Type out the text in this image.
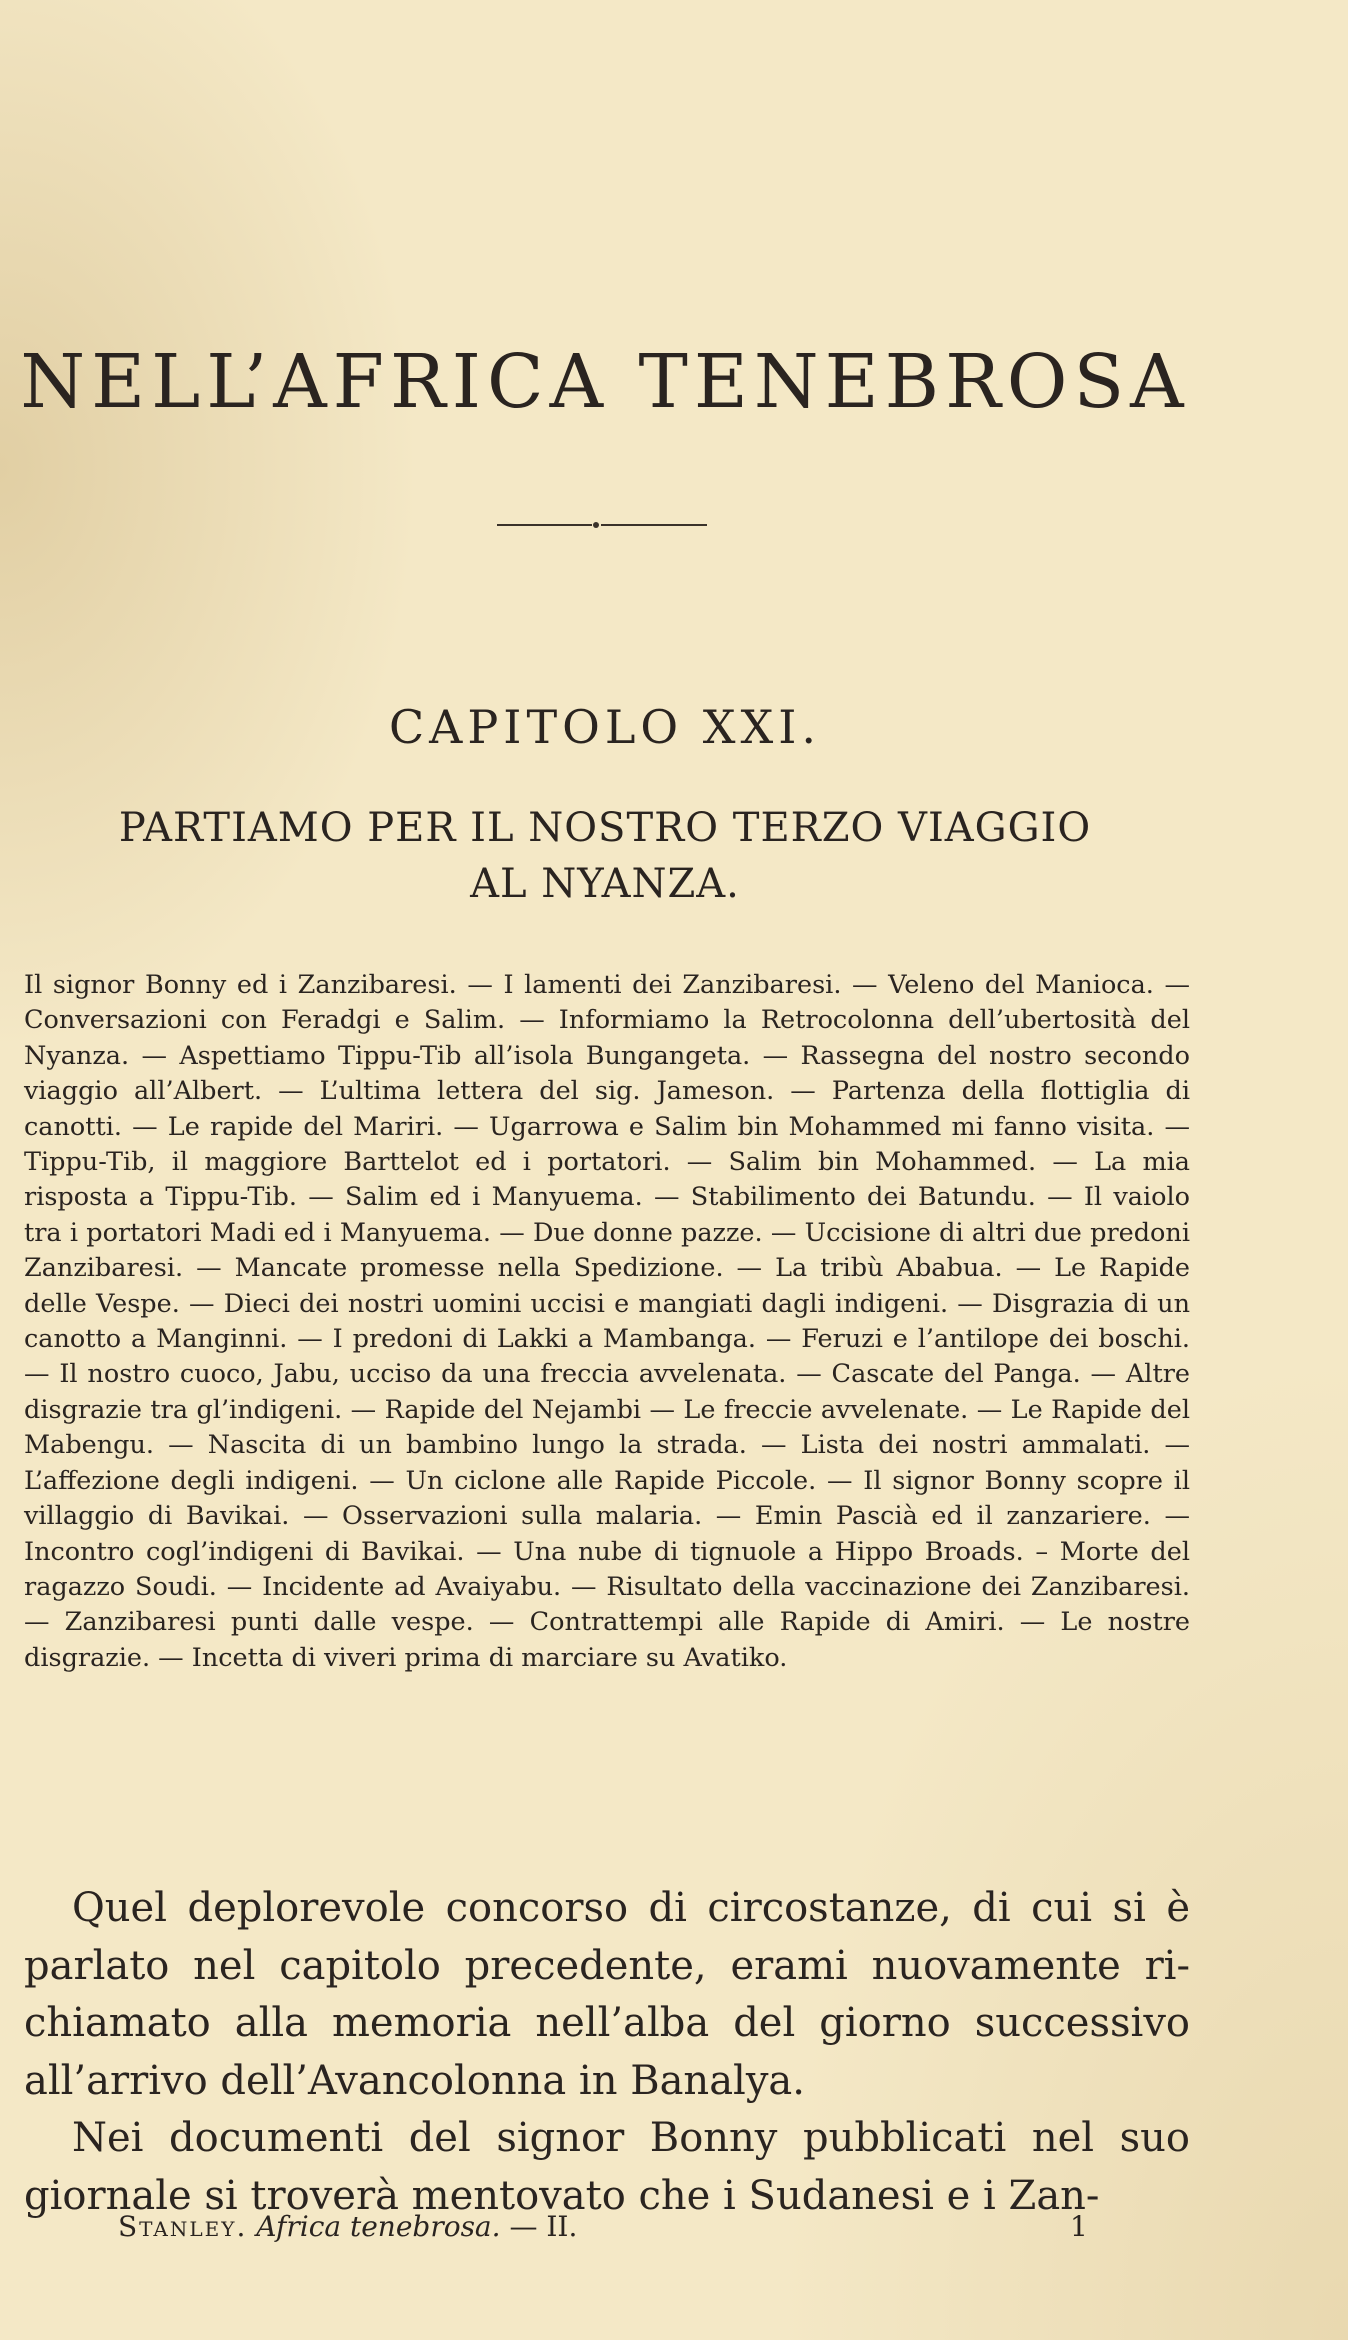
NELL’AFRICA TENEBROSA
CAPITOLO XXI.
PARTIAMO PER IL NOSTRO TERZO VIAGGIO
AL NYANZA.

Il signor Bonny ed i Zanzibaresi. — I lamenti dei Zanzibaresi. — Veleno del Manioca. — Conversazioni con Feradgi e Salim. — Informiamo la Retrocolonna dell’ubertosità del Nyanza. — Aspettiamo Tippu-Tib all’isola Bungangeta. — Rassegna del nostro secondo viaggio all’Albert. — L’ultima lettera del sig. Jameson. — Partenza della flottiglia di canotti. — Le rapide del Mariri. — Ugarrowa e Salim bin Mohammed mi fanno visita. — Tippu-Tib, il maggiore Barttelot ed i portatori. — Salim bin Mohammed. — La mia risposta a Tippu-Tib. — Salim ed i Manyuema. — Stabilimento dei Batundu. — Il vaiolo tra i portatori Madi ed i Manyuema. — Due donne pazze. — Uccisione di altri due predoni Zanzibaresi. — Mancate promesse nella Spedizione. — La tribù Ababua. — Le Rapide delle Vespe. — Dieci dei nostri uomini uccisi e mangiati dagli indigeni. — Disgrazia di un canotto a Manginni. — I predoni di Lakki a Mambanga. — Feruzi e l’antilope dei boschi. — Il nostro cuoco, Jabu, ucciso da una freccia avvelenata. — Cascate del Panga. — Altre disgrazie tra gl’indigeni. — Rapide del Nejambi — Le freccie avvelenate. — Le Rapide del Mabengu. — Nascita di un bambino lungo la strada. — Lista dei nostri ammalati. — L’affezione degli indigeni. — Un ciclone alle Rapide Piccole. — Il signor Bonny scopre il villaggio di Bavikai. — Osservazioni sulla malaria. — Emin Pascià ed il zanzariere. — Incontro cogl’indigeni di Bavikai. — Una nube di tignuole a Hippo Broads. – Morte del ragazzo Soudi. — Incidente ad Avaiyabu. — Risultato della vaccinazione dei Zanzibaresi. — Zanzibaresi punti dalle vespe. — Contrattempi alle Rapide di Amiri. — Le nostre disgrazie. — Incetta di viveri prima di marciare su Avatiko.

Quel deplorevole concorso di circostanze, di cui si è parlato nel capitolo precedente, erami nuovamente richiamato alla memoria nell’alba del giorno successivo all’arrivo dell’Avancolonna in Banalya.

Nei documenti del signor Bonny pubblicati nel suo giornale si troverà mentovato che i Sudanesi e i Zan-

Stanley. Africa tenebrosa. — II.	1
